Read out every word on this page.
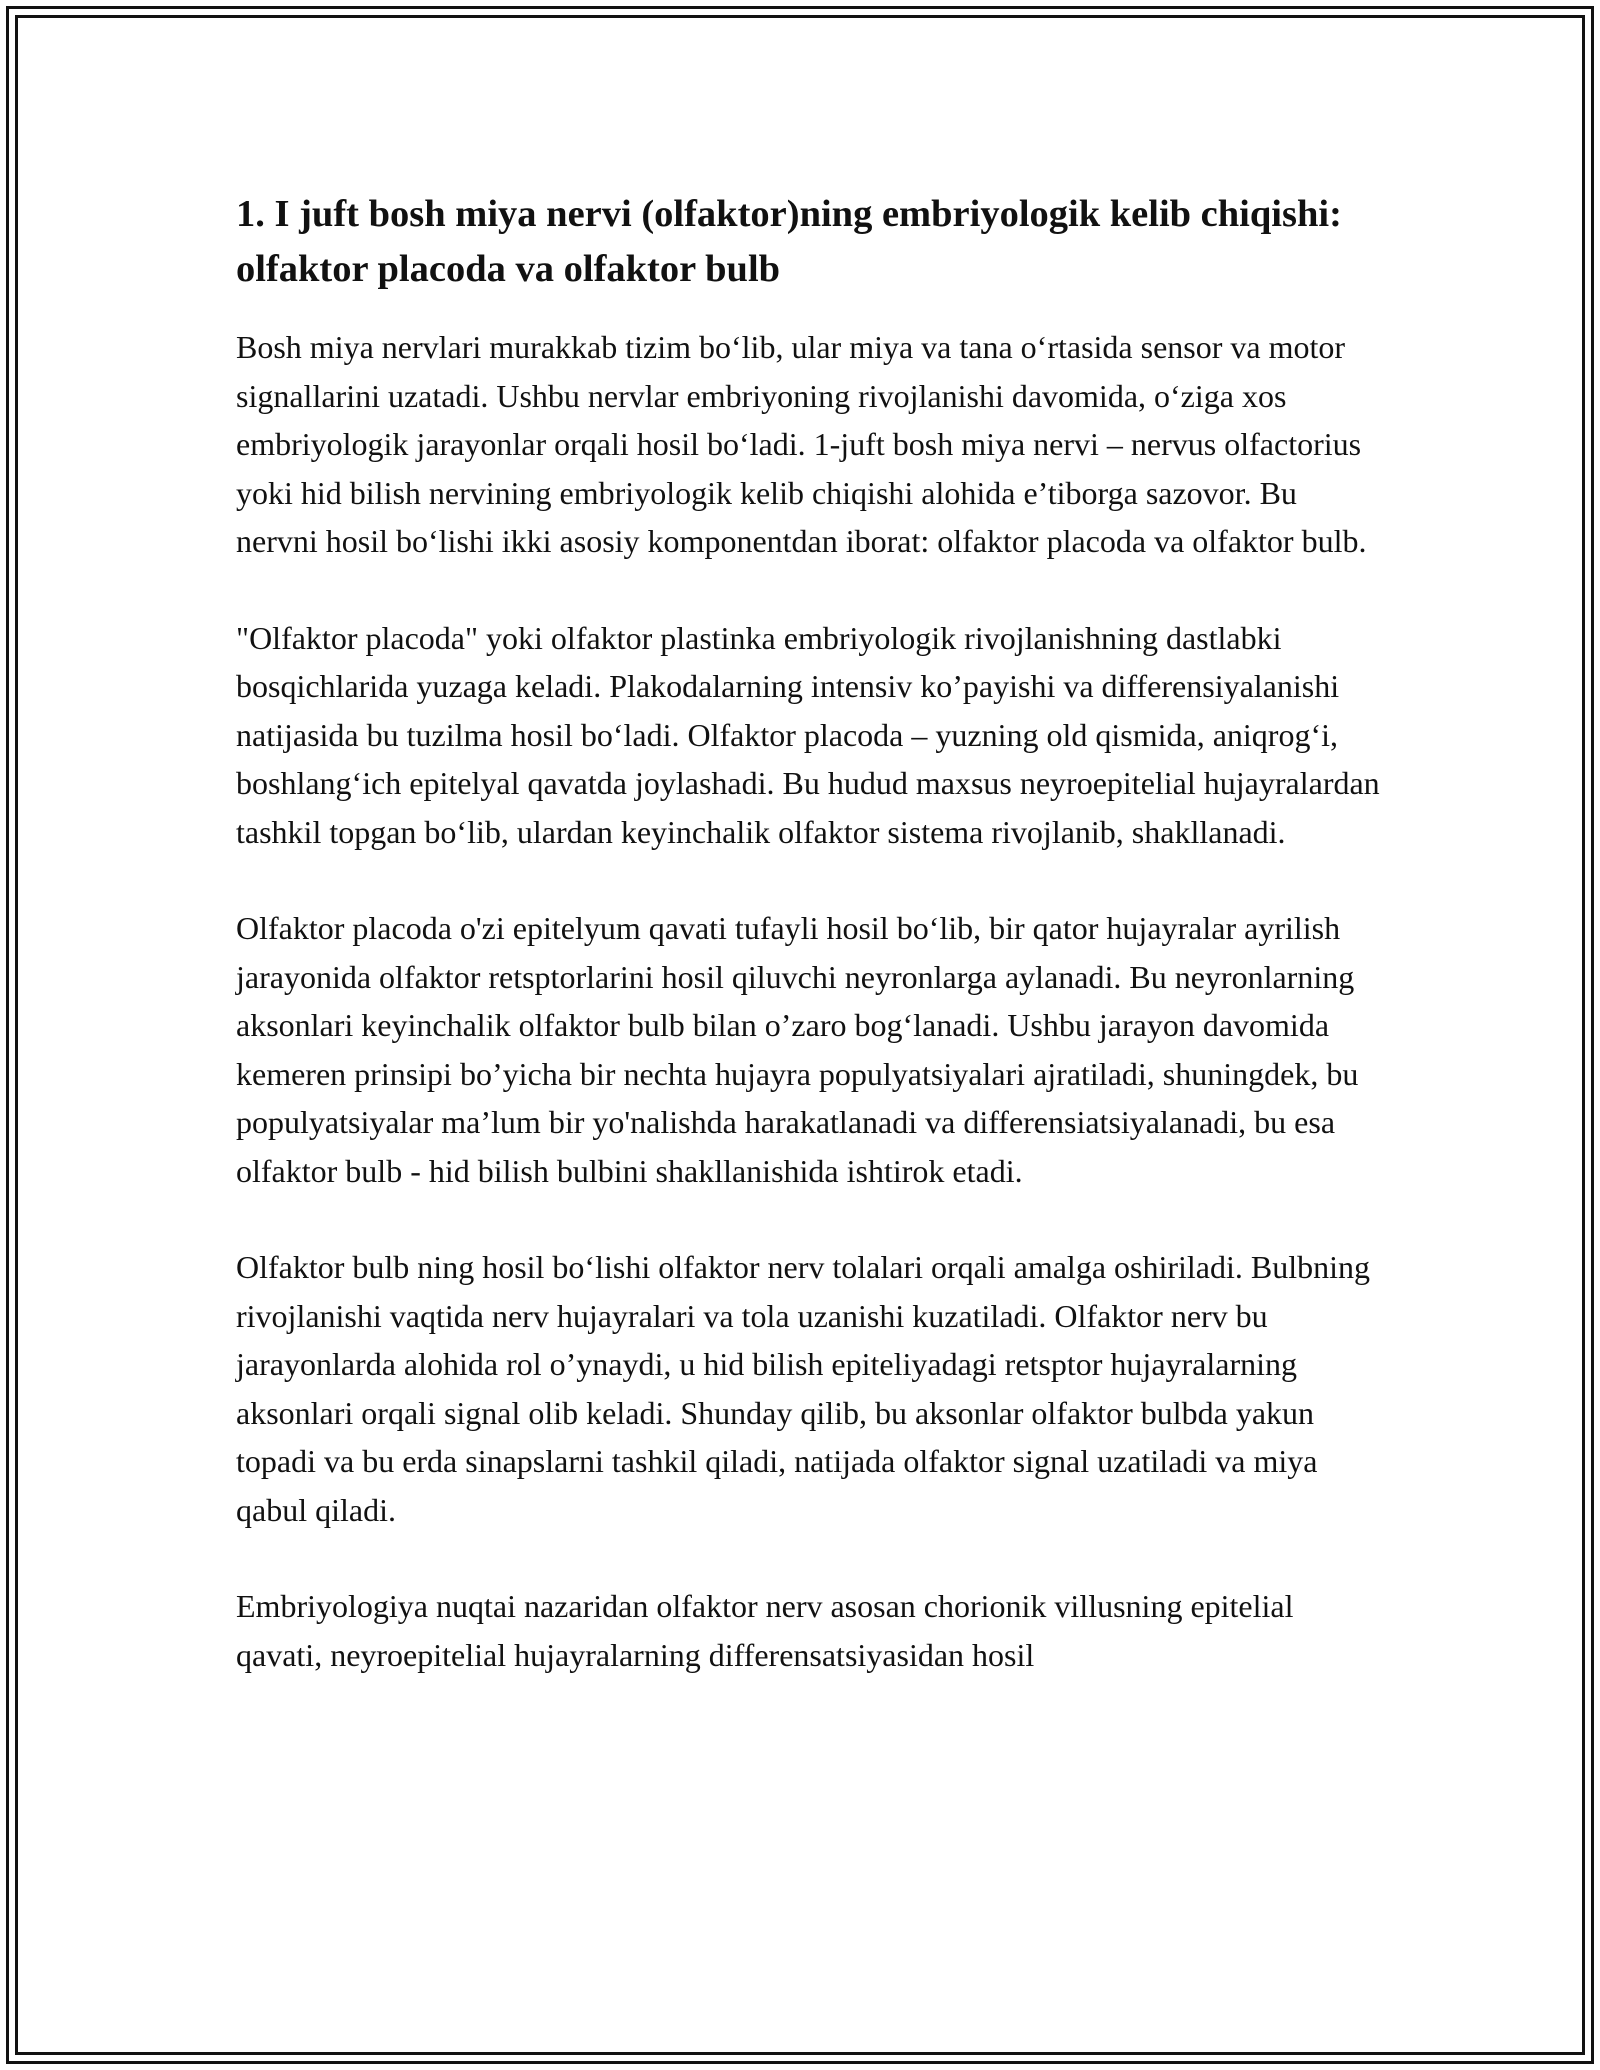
1. I juft bosh miya nervi (olfaktor)ning embriyologik kelib chiqishi: olfaktor placoda va olfaktor bulb

Bosh miya nervlari murakkab tizim bo‘lib, ular miya va tana o‘rtasida sensor va motor signallarini uzatadi. Ushbu nervlar embriyoning rivojlanishi davomida, o‘ziga xos embriyologik jarayonlar orqali hosil bo‘ladi. 1-juft bosh miya nervi – nervus olfactorius yoki hid bilish nervining embriyologik kelib chiqishi alohida e’tiborga sazovor. Bu nervni hosil bo‘lishi ikki asosiy komponentdan iborat: olfaktor placoda va olfaktor bulb.

"Olfaktor placoda" yoki olfaktor plastinka embriyologik rivojlanishning dastlabki bosqichlarida yuzaga keladi. Plakodalarning intensiv ko’payishi va differensiyalanishi natijasida bu tuzilma hosil bo‘ladi. Olfaktor placoda – yuzning old qismida, aniqrog‘i, boshlang‘ich epitelyal qavatda joylashadi. Bu hudud maxsus neyroepitelial hujayralardan tashkil topgan bo‘lib, ulardan keyinchalik olfaktor sistema rivojlanib, shakllanadi.

Olfaktor placoda o'zi epitelyum qavati tufayli hosil bo‘lib, bir qator hujayralar ayrilish jarayonida olfaktor retsptorlarini hosil qiluvchi neyronlarga aylanadi. Bu neyronlarning aksonlari keyinchalik olfaktor bulb bilan o’zaro bog‘lanadi. Ushbu jarayon davomida kemeren prinsipi bo’yicha bir nechta hujayra populyatsiyalari ajratiladi, shuningdek, bu populyatsiyalar ma’lum bir yo'nalishda harakatlanadi va differensiatsiyalanadi, bu esa olfaktor bulb - hid bilish bulbini shakllanishida ishtirok etadi.

Olfaktor bulb ning hosil bo‘lishi olfaktor nerv tolalari orqali amalga oshiriladi. Bulbning rivojlanishi vaqtida nerv hujayralari va tola uzanishi kuzatiladi. Olfaktor nerv bu jarayonlarda alohida rol o’ynaydi, u hid bilish epiteliyadagi retsptor hujayralarning aksonlari orqali signal olib keladi. Shunday qilib, bu aksonlar olfaktor bulbda yakun topadi va bu erda sinapslarni tashkil qiladi, natijada olfaktor signal uzatiladi va miya qabul qiladi.

Embriyologiya nuqtai nazaridan olfaktor nerv asosan chorionik villusning epitelial qavati, neyroepitelial hujayralarning differensatsiyasidan hosil
